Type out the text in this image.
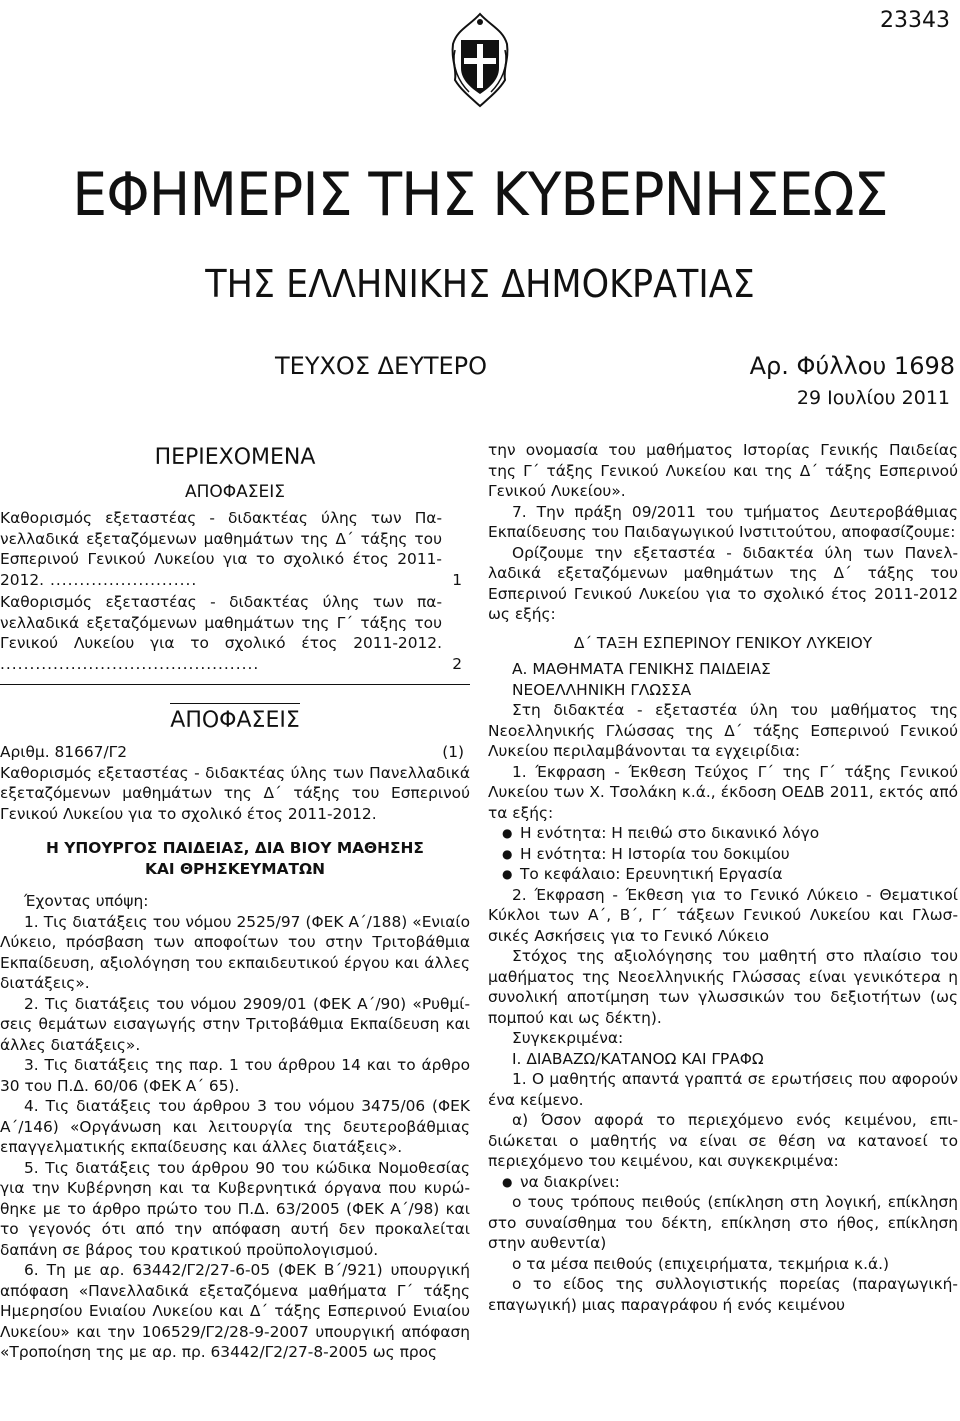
23343
ΕΦΗΜΕΡΙΣ ΤΗΣ ΚΥΒΕΡΝΗΣΕΩΣ
ΤΗΣ ΕΛΛΗΝΙΚΗΣ ΔΗΜΟΚΡΑΤΙΑΣ
ΤΕΥΧΟΣ ΔΕΥΤΕΡΟ	Αρ. Φύλλου 1698
29 Ιουλίου 2011

ΠΕΡΙΕΧΟΜΕΝΑ

ΑΠΟΦΑΣΕΙΣ

Καθορισμός εξεταστέας - διδακτέας ύλης των Πανελλαδικά εξεταζόμενων μαθημάτων της Δ΄ τάξης του Εσπερινού Γενικού Λυκείου για το σχολικό έτος 2011-2012. .........................	1

Καθορισμός εξεταστέας - διδακτέας ύλης των πανελλαδικά εξεταζόμενων μαθημάτων της Γ΄ τάξης του Γενικού Λυκείου για το σχολικό έτος 2011-2012. ............................................	2

ΑΠΟΦΑΣΕΙΣ

Αριθμ. 81667/Γ2	(1)

Καθορισμός εξεταστέας - διδακτέας ύλης των Πανελλαδικά εξεταζόμενων μαθημάτων της Δ΄ τάξης του Εσπερινού Γενικού Λυκείου για το σχολικό έτος 2011-2012.

Η ΥΠΟΥΡΓΟΣ ΠΑΙΔΕΙΑΣ, ΔΙΑ ΒΙΟΥ ΜΑΘΗΣΗΣ ΚΑΙ ΘΡΗΣΚΕΥΜΑΤΩΝ

Έχοντας υπόψη:

1. Τις διατάξεις του νόμου 2525/97 (ΦΕΚ Α΄/188) «Ενιαίο Λύκειο, πρόσβαση των αποφοίτων του στην Τριτοβάθμια Εκπαίδευση, αξιολόγηση του εκπαιδευτικού έργου και άλλες διατάξεις».

2. Τις διατάξεις του νόμου 2909/01 (ΦΕΚ Α΄/90) «Ρυθμίσεις θεμάτων εισαγωγής στην Τριτοβάθμια Εκπαίδευση και άλλες διατάξεις».

3. Τις διατάξεις της παρ. 1 του άρθρου 14 και το άρθρο 30 του Π.Δ. 60/06 (ΦΕΚ Α΄ 65).

4. Τις διατάξεις του άρθρου 3 του νόμου 3475/06 (ΦΕΚ Α΄/146) «Οργάνωση και λειτουργία της δευτεροβάθμιας επαγγελματικής εκπαίδευσης και άλλες διατάξεις».

5. Τις διατάξεις του άρθρου 90 του κώδικα Νομοθεσίας για την Κυβέρνηση και τα Κυβερνητικά όργανα που κυρώθηκε με το άρθρο πρώτο του Π.Δ. 63/2005 (ΦΕΚ Α΄/98) και το γεγονός ότι από την απόφαση αυτή δεν προκαλείται δαπάνη σε βάρος του κρατικού προϋπολογισμού.

6. Τη με αρ. 63442/Γ2/27-6-05 (ΦΕΚ Β΄/921) υπουργική απόφαση «Πανελλαδικά εξεταζόμενα μαθήματα Γ΄ τάξης Ημερησίου Ενιαίου Λυκείου και Δ΄ τάξης Εσπερινού Ενιαίου Λυκείου» και την 106529/Γ2/28-9-2007 υπουργική απόφαση «Τροποίηση της με αρ. πρ. 63442/Γ2/27-8-2005 ως προς

την ονομασία του μαθήματος Ιστορίας Γενικής Παιδείας της Γ΄ τάξης Γενικού Λυκείου και της Δ΄ τάξης Εσπερινού Γενικού Λυκείου».

7. Την πράξη 09/2011 του τμήματος Δευτεροβάθμιας Εκπαίδευσης του Παιδαγωγικού Ινστιτούτου, αποφασίζουμε:

Ορίζουμε την εξεταστέα - διδακτέα ύλη των Πανελλαδικά εξεταζόμενων μαθημάτων της Δ΄ τάξης του Εσπερινού Γενικού Λυκείου για το σχολικό έτος 2011-2012 ως εξής:

Δ΄ ΤΑΞΗ ΕΣΠΕΡΙΝΟΥ ΓΕΝΙΚΟΥ ΛΥΚΕΙΟΥ

Α. ΜΑΘΗΜΑΤΑ ΓΕΝΙΚΗΣ ΠΑΙΔΕΙΑΣ

ΝΕΟΕΛΛΗΝΙΚΗ ΓΛΩΣΣΑ

Στη διδακτέα - εξεταστέα ύλη του μαθήματος της Νεοελληνικής Γλώσσας της Δ΄ τάξης Εσπερινού Γενικού Λυκείου περιλαμβάνονται τα εγχειρίδια:

1. Έκφραση - Έκθεση Τεύχος Γ΄ της Γ΄ τάξης Γενικού Λυκείου των Χ. Τσολάκη κ.ά., έκδοση ΟΕΔΒ 2011, εκτός από τα εξής:

● Η ενότητα: Η πειθώ στο δικανικό λόγο
● Η ενότητα: Η Ιστορία του δοκιμίου
● Το κεφάλαιο: Ερευνητική Εργασία

2. Έκφραση - Έκθεση για το Γενικό Λύκειο - Θεματικοί Κύκλοι των Α΄, Β΄, Γ΄ τάξεων Γενικού Λυκείου και Γλωσσικές Ασκήσεις για το Γενικό Λύκειο

Στόχος της αξιολόγησης του μαθητή στο πλαίσιο του μαθήματος της Νεοελληνικής Γλώσσας είναι γενικότερα η συνολική αποτίμηση των γλωσσικών του δεξιοτήτων (ως πομπού και ως δέκτη).

Συγκεκριμένα:

Ι. ΔΙΑΒΑΖΩ/ΚΑΤΑΝΟΩ ΚΑΙ ΓΡΑΦΩ

1. Ο μαθητής απαντά γραπτά σε ερωτήσεις που αφορούν ένα κείμενο.

α) Όσον αφορά το περιεχόμενο ενός κειμένου, επιδιώκεται ο μαθητής να είναι σε θέση να κατανοεί το περιεχόμενο του κειμένου, και συγκεκριμένα:

● να διακρίνει:

ο τους τρόπους πειθούς (επίκληση στη λογική, επίκληση στο συναίσθημα του δέκτη, επίκληση στο ήθος, επίκληση στην αυθεντία)

ο τα μέσα πειθούς (επιχειρήματα, τεκμήρια κ.ά.)

ο το είδος της συλλογιστικής πορείας (παραγωγική-επαγωγική) μιας παραγράφου ή ενός κειμένου
